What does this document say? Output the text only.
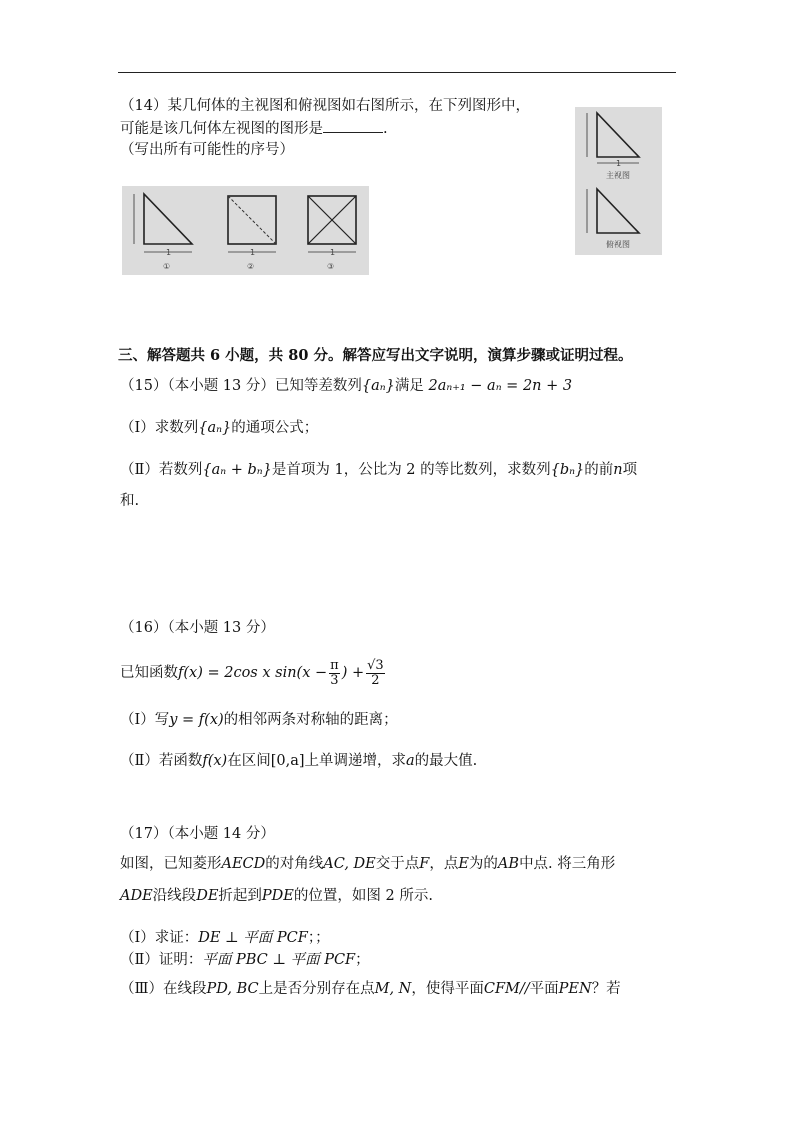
（14）某几何体的主视图和俯视图如右图所示，在下列图形中，
可能是该几何体左视图的图形是	.
（写出所有可能性的序号）
1
主视图
俯视图
1
①
1
②
1
③
三、解答题共 6 小题，共 80 分。解答应写出文字说明，演算步骤或证明过程。
（15）（本小题 13 分）已知等差数列{aₙ}满足 2aₙ₊₁ − aₙ = 2n + 3
（Ⅰ）求数列{aₙ}的通项公式；
（Ⅱ）若数列{aₙ + bₙ}是首项为 1，公比为 2 的等比数列，求数列{bₙ}的前n项
和.
（16）（本小题 13 分）
已知函数f(x) = 2cos x $\sin(x - \frac{\pi}{3}$ ) + $\frac{√3}{2}$
（Ⅰ）写y = f(x)的相邻两条对称轴的距离；
（Ⅱ）若函数f(x)在区间[0,a]上单调递增，求a的最大值.
（17）（本小题 14 分）
如图，已知菱形AECD的对角线AC, DE交于点F，点E为的AB中点. 将三角形
ADE沿线段DE折起到PDE的位置，如图 2 所示.
（Ⅰ）求证：DE ⊥ 平面 PCF；；
（Ⅱ）证明：平面 PBC ⊥ 平面 PCF；
（Ⅲ）在线段PD, BC上是否分别存在点M, N，使得平面CFM//平面PEN？若
